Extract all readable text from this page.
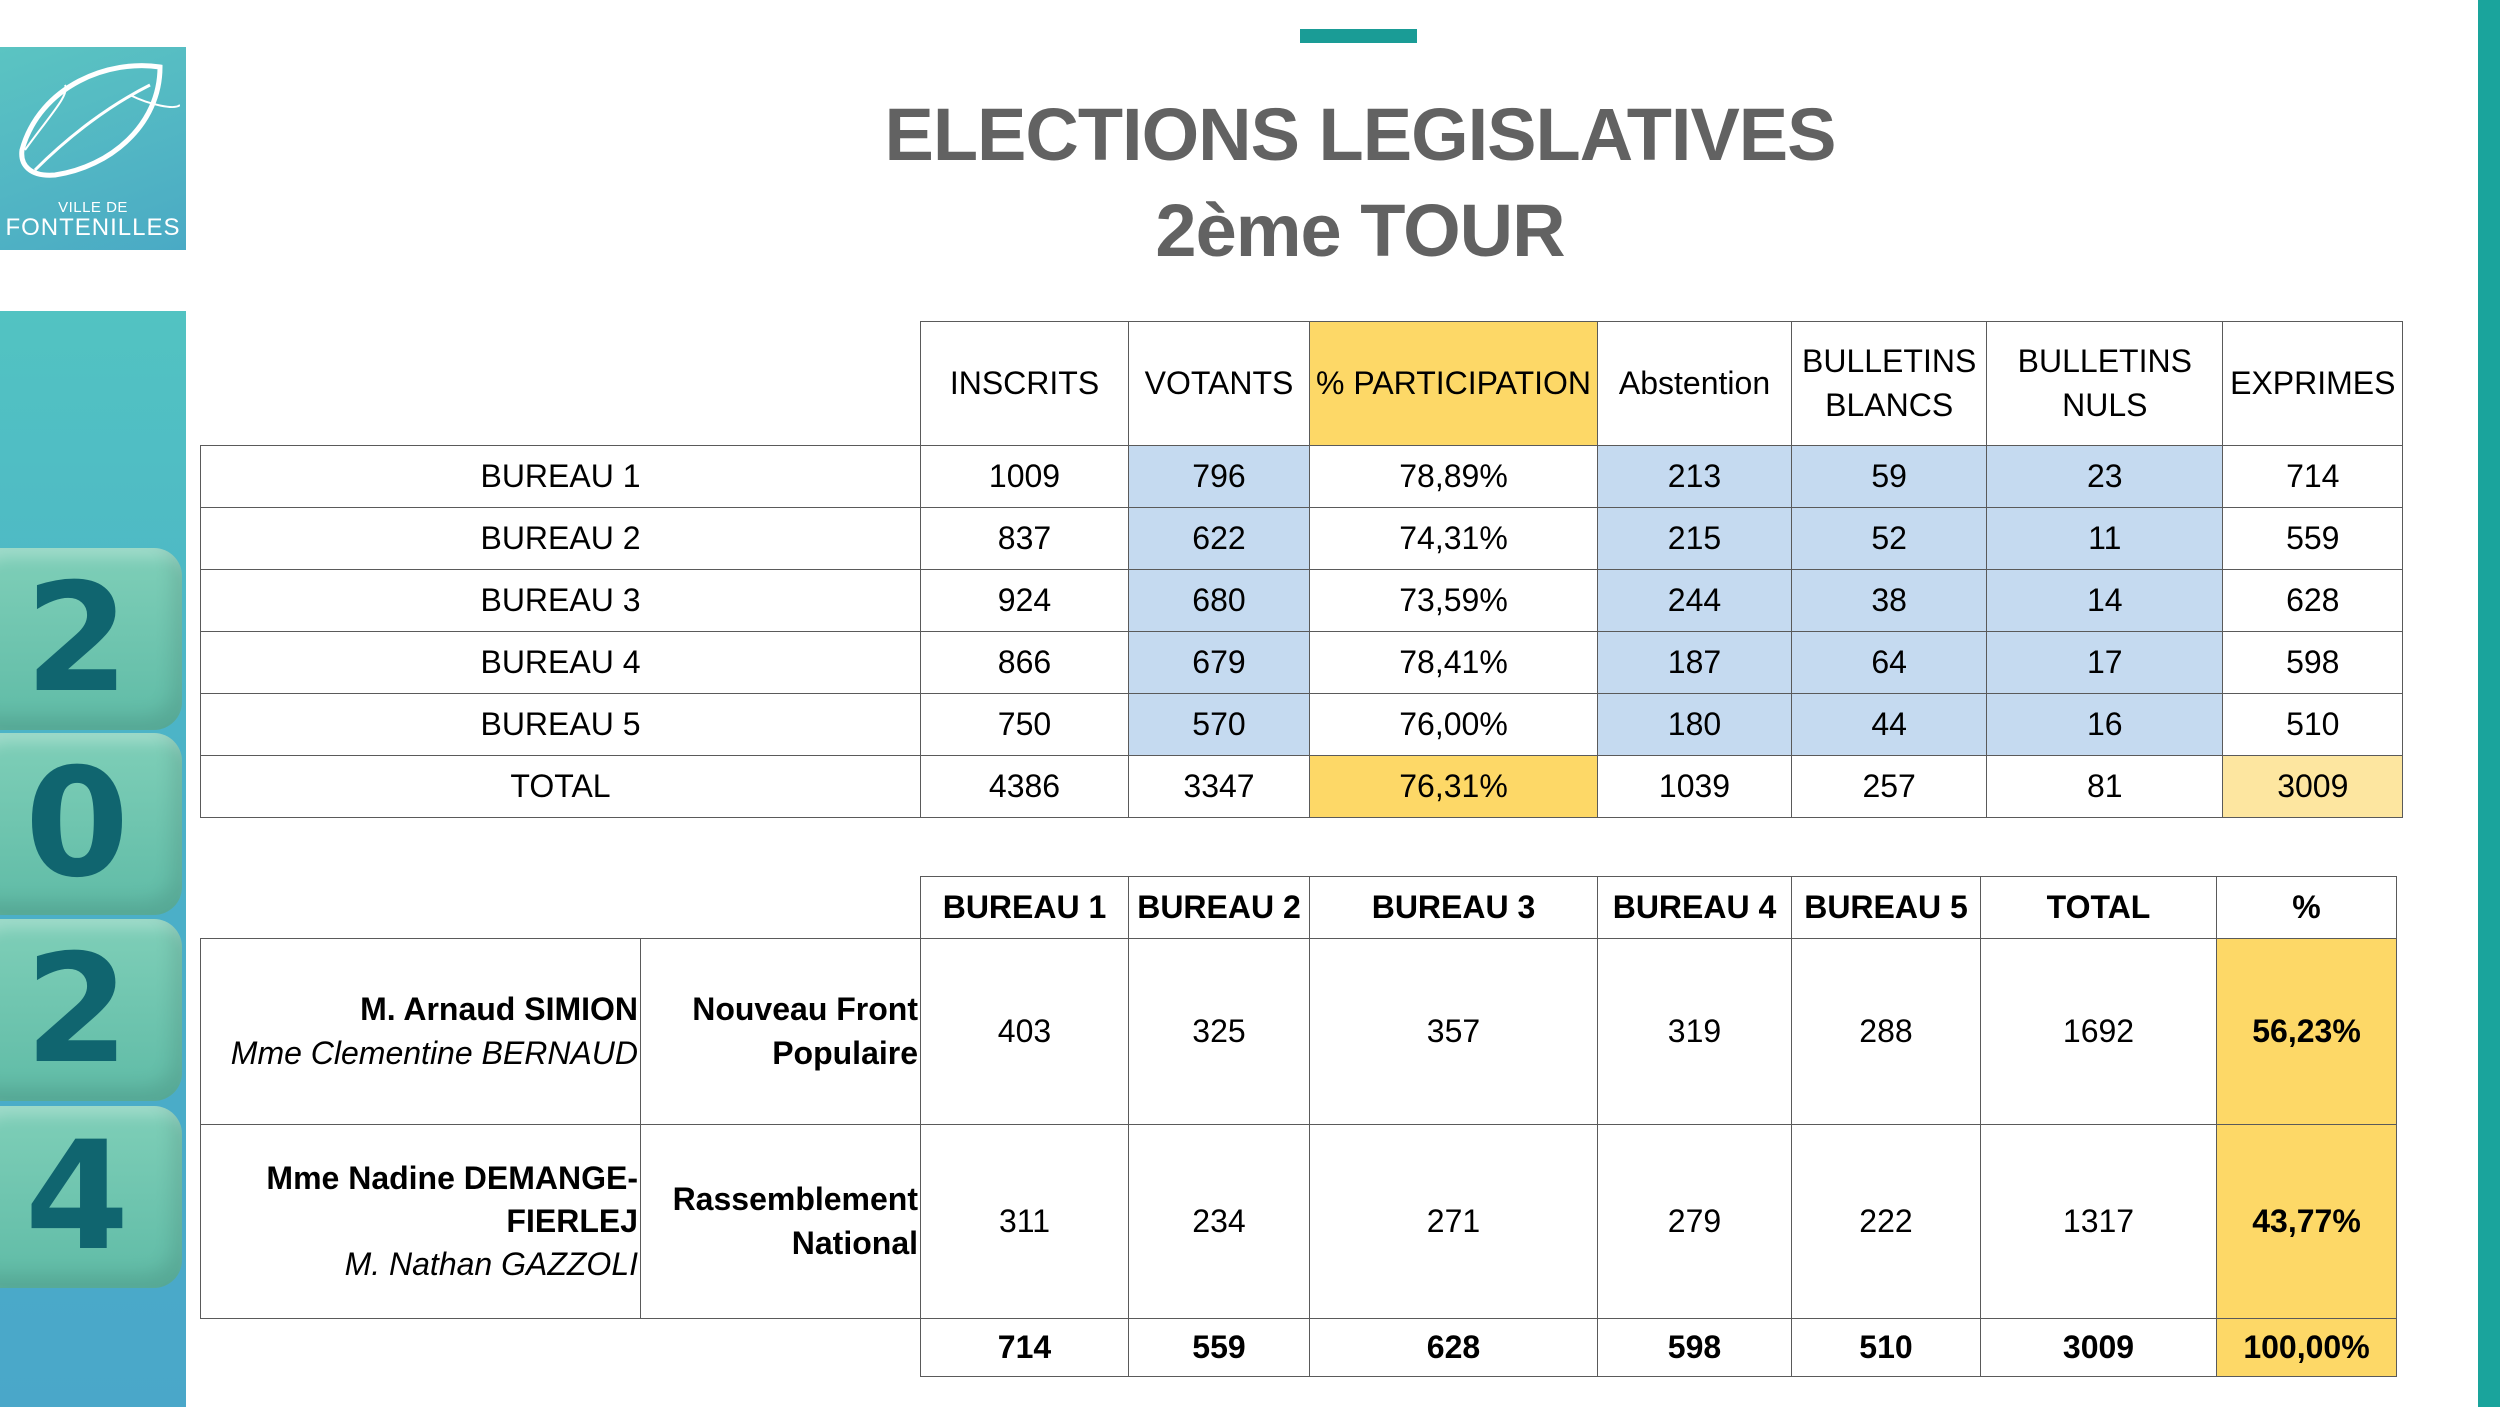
VILLE DE
FONTENILLES
2
0
2
4
ELECTIONS LEGISLATIVES
2ème TOUR
	INSCRITS	VOTANTS	% PARTICIPATION	Abstention	BULLETINS BLANCS	BULLETINS NULS	EXPRIMES
BUREAU 1	1009	796	78,89%	213	59	23	714
BUREAU 2	837	622	74,31%	215	52	11	559
BUREAU 3	924	680	73,59%	244	38	14	628
BUREAU 4	866	679	78,41%	187	64	17	598
BUREAU 5	750	570	76,00%	180	44	16	510
TOTAL	4386	3347	76,31%	1039	257	81	3009
		BUREAU 1	BUREAU 2	BUREAU 3	BUREAU 4	BUREAU 5	TOTAL	%

M. Arnaud SIMION
Mme Clementine BERNAUD	Nouveau Front Populaire	403	325	357	319	288	1692	56,23%

Mme Nadine DEMANGE-FIERLEJ
M. Nathan GAZZOLI	Rassemblement National	311	234	271	279	222	1317	43,77%
		714	559	628	598	510	3009	100,00%
